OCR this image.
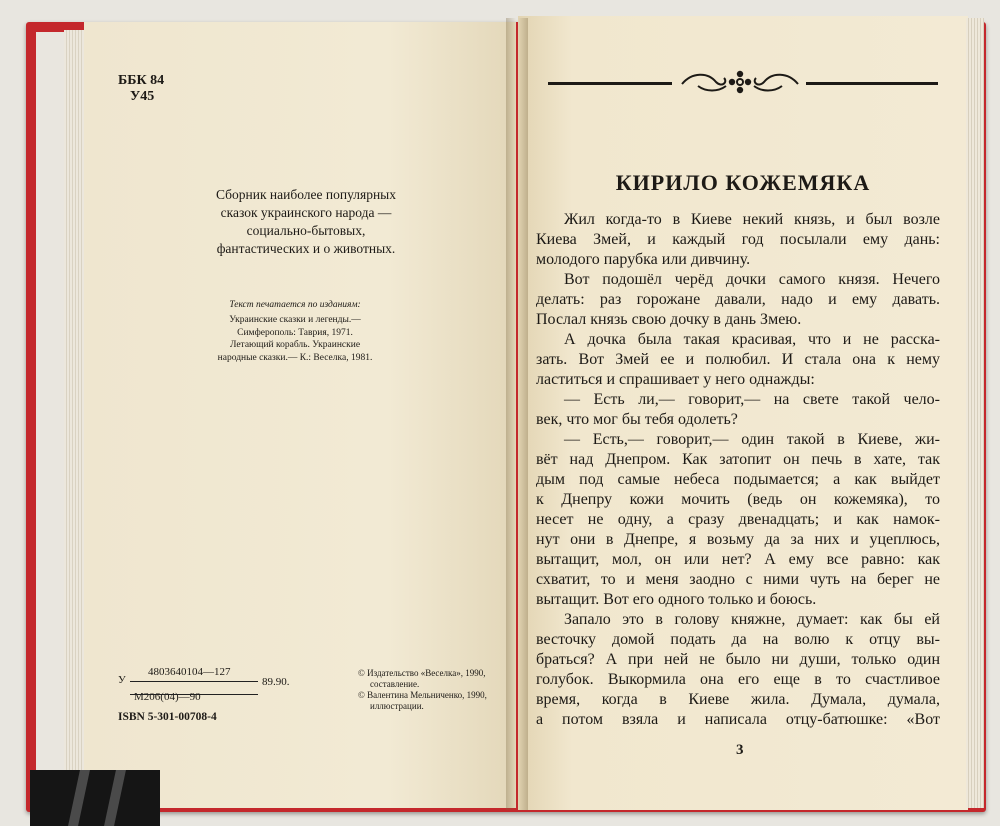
ББК 84
У45
Сборник наиболее популярных
сказок украинского народа —
социально-бытовых,
фантастических и о животных.
Текст печатается по изданиям:
Украинские сказки и легенды.—
Симферополь: Таврия, 1971.
Летающий корабль. Украинские
народные сказки.— К.: Веселка, 1981.
4803640104—127
У	89.90.
М206(04)—90
ISBN 5-301-00708-4
© Издательство «Веселка», 1990,
составление.
© Валентина Мельниченко, 1990,
иллюстрации.
КИРИЛО КОЖЕМЯКА
Жил когда-то в Киеве некий князь, и был возле
Киева Змей, и каждый год посылали ему дань:
молодого парубка или дивчину.
Вот подошёл черёд дочки самого князя. Нечего
делать: раз горожане давали, надо и ему давать.
Послал князь свою дочку в дань Змею.
А дочка была такая красивая, что и не расска-
зать. Вот Змей ее и полюбил. И стала она к нему
ластиться и спрашивает у него однажды:
— Есть ли,— говорит,— на свете такой чело-
век, что мог бы тебя одолеть?
— Есть,— говорит,— один такой в Киеве, жи-
вёт над Днепром. Как затопит он печь в хате, так
дым под самые небеса подымается; а как выйдет
к Днепру кожи мочить (ведь он кожемяка), то
несет не одну, а сразу двенадцать; и как намок-
нут они в Днепре, я возьму да за них и уцеплюсь,
вытащит, мол, он или нет? А ему все равно: как
схватит, то и меня заодно с ними чуть на берег не
вытащит. Вот его одного только и боюсь.
Запало это в голову княжне, думает: как бы ей
весточку домой подать да на волю к отцу вы-
браться? А при ней не было ни души, только один
голубок. Выкормила она его еще в то счастливое
время, когда в Киеве жила. Думала, думала,
а потом взяла и написала отцу-батюшке: «Вот
3
